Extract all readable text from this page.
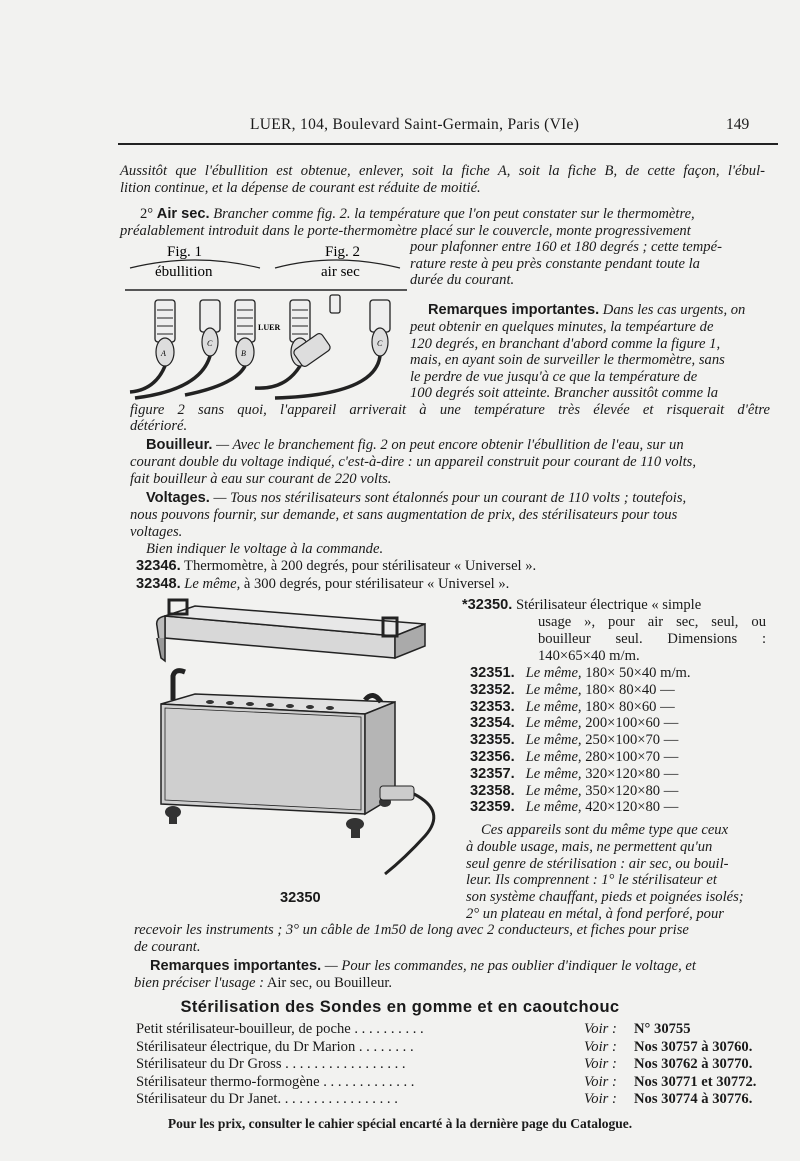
LUER, 104, Boulevard Saint-Germain, Paris (VIe)	149
Aussitôt que l'ébullition est obtenue, enlever, soit la fiche A, soit la fiche B, de cette façon, l'ébul-
lition continue, et la dépense de courant est réduite de moitié.
2° Air sec. Brancher comme fig. 2. la température que l'on peut constater sur le thermomètre,
préalablement introduit dans le porte-thermomètre placé sur le couvercle, monte progressivement
pour plafonner entre 160 et 180 degrés ; cette tempé-
rature reste à peu près constante pendant toute la
durée du courant.
Fig. 1	Fig. 2
ébullition	air sec
A
C
B
C
LUER
Remarques importantes. Dans les cas urgents, on
peut obtenir en quelques minutes, la tempéarture de
120 degrés, en branchant d'abord comme la figure 1,
mais, en ayant soin de surveiller le thermomètre, sans
le perdre de vue jusqu'à ce que la température de
100 degrés soit atteinte. Brancher aussitôt comme la
figure 2 sans quoi, l'appareil arriverait à une température très élevée et risquerait d'être
détérioré.
Bouilleur. — Avec le branchement fig. 2 on peut encore obtenir l'ébullition de l'eau, sur un
courant double du voltage indiqué, c'est-à-dire : un appareil construit pour courant de 110 volts,
fait bouilleur à eau sur courant de 220 volts.
Voltages. — Tous nos stérilisateurs sont étalonnés pour un courant de 110 volts ; toutefois,
nous pouvons fournir, sur demande, et sans augmentation de prix, des stérilisateurs pour tous
voltages.
Bien indiquer le voltage à la commande.
32346. Thermomètre, à 200 degrés, pour stérilisateur « Universel ».
32348. Le même, à 300 degrés, pour stérilisateur « Universel ».
32350
*32350. Stérilisateur électrique « simple
usage », pour air sec, seul, ou
bouilleur seul. Dimensions :
140×65×40 m/m.
32351. Le même, 180× 50×40 m/m.
32352. Le même, 180× 80×40 —
32353. Le même, 180× 80×60 —
32354. Le même, 200×100×60 —
32355. Le même, 250×100×70 —
32356. Le même, 280×100×70 —
32357. Le même, 320×120×80 —
32358. Le même, 350×120×80 —
32359. Le même, 420×120×80 —
Ces appareils sont du même type que ceux
à double usage, mais, ne permettent qu'un
seul genre de stérilisation : air sec, ou bouil-
leur. Ils comprennent : 1° le stérilisateur et
son système chauffant, pieds et poignées isolés;
2° un plateau en métal, à fond perforé, pour
recevoir les instruments ; 3° un câble de 1m50 de long avec 2 conducteurs, et fiches pour prise
de courant.
Remarques importantes. — Pour les commandes, ne pas oublier d'indiquer le voltage, et
bien préciser l'usage : Air sec, ou Bouilleur.
Stérilisation des Sondes en gomme et en caoutchouc
Petit stérilisateur-bouilleur, de poche . . . . . . . . . .	Voir : N° 30755
Stérilisateur électrique, du Dr Marion . . . . . . . .	Voir : Nos 30757 à 30760.
Stérilisateur du Dr Gross . . . . . . . . . . . . . . . . .	Voir : Nos 30762 à 30770.
Stérilisateur thermo-formogène . . . . . . . . . . . . .	Voir : Nos 30771 et 30772.
Stérilisateur du Dr Janet. . . . . . . . . . . . . . . . .	Voir : Nos 30774 à 30776.
Pour les prix, consulter le cahier spécial encarté à la dernière page du Catalogue.
